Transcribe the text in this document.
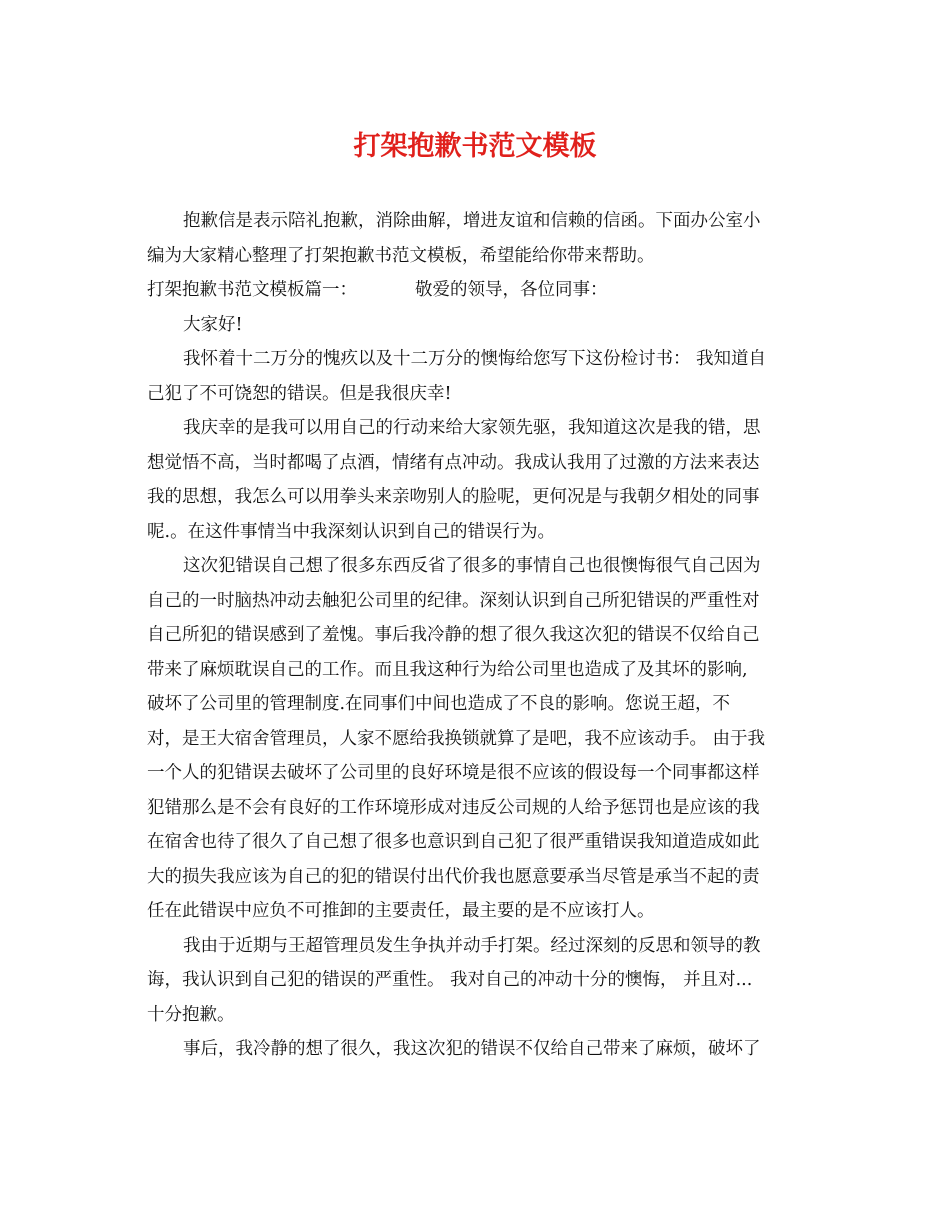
打架抱歉书范文模板
抱歉信是表示陪礼抱歉，消除曲解，增进友谊和信赖的信函。下面办公室小
编为大家精心整理了打架抱歉书范文模板，希望能给你带来帮助。
打架抱歉书范文模板篇一：	敬爱的领导，各位同事：
大家好!
我怀着十二万分的愧疚以及十二万分的懊悔给您写下这份检讨书： 我知道自
己犯了不可饶恕的错误。但是我很庆幸!
我庆幸的是我可以用自己的行动来给大家领先驱，我知道这次是我的错，思
想觉悟不高，当时都喝了点酒，情绪有点冲动。我成认我用了过激的方法来表达
我的思想，我怎么可以用拳头来亲吻别人的脸呢，更何况是与我朝夕相处的同事
呢.。在这件事情当中我深刻认识到自己的错误行为。
这次犯错误自己想了很多东西反省了很多的事情自己也很懊悔很气自己因为
自己的一时脑热冲动去触犯公司里的纪律。深刻认识到自己所犯错误的严重性对
自己所犯的错误感到了羞愧。事后我冷静的想了很久我这次犯的错误不仅给自己
带来了麻烦耽误自己的工作。而且我这种行为给公司里也造成了及其坏的影响,
破坏了公司里的管理制度.在同事们中间也造成了不良的影响。您说王超，不
对，是王大宿舍管理员，人家不愿给我换锁就算了是吧，我不应该动手。 由于我
一个人的犯错误去破坏了公司里的良好环境是很不应该的假设每一个同事都这样
犯错那么是不会有良好的工作环境形成对违反公司规的人给予惩罚也是应该的我
在宿舍也待了很久了自己想了很多也意识到自己犯了很严重错误我知道造成如此
大的损失我应该为自己的犯的错误付出代价我也愿意要承当尽管是承当不起的责
任在此错误中应负不可推卸的主要责任，最主要的是不应该打人。
我由于近期与王超管理员发生争执并动手打架。经过深刻的反思和领导的教
诲，我认识到自己犯的错误的严重性。 我对自己的冲动十分的懊悔， 并且对...
十分抱歉。
事后，我冷静的想了很久，我这次犯的错误不仅给自己带来了麻烦，破坏了
